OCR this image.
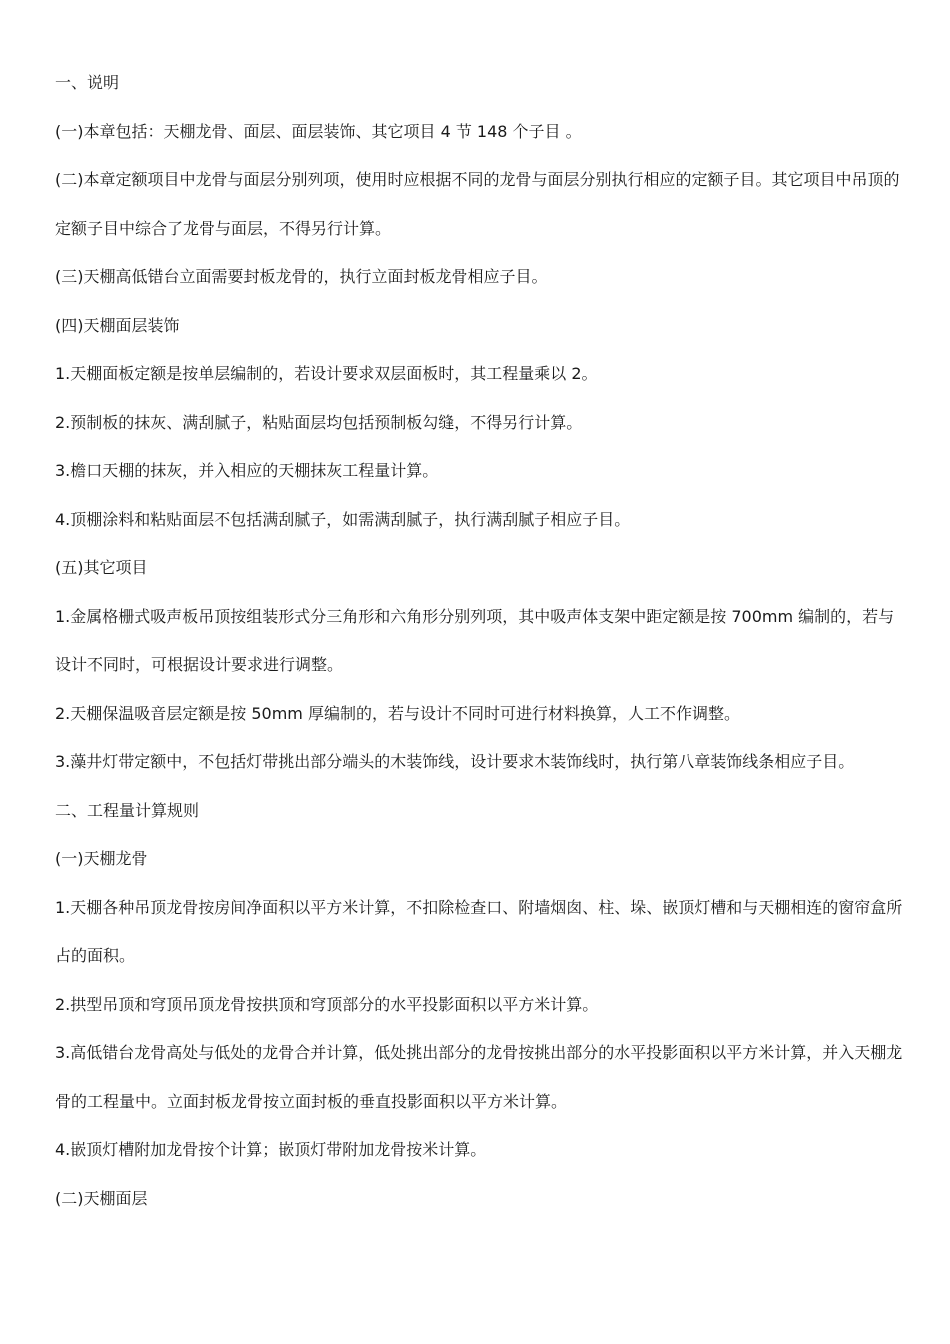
一、说明

(一)本章包括：天棚龙骨、面层、面层装饰、其它项目 4 节 148 个子目 。

(二)本章定额项目中龙骨与面层分别列项，使用时应根据不同的龙骨与面层分别执行相应的定额子目。其它项目中吊顶的定额子目中综合了龙骨与面层，不得另行计算。

(三)天棚高低错台立面需要封板龙骨的，执行立面封板龙骨相应子目。

(四)天棚面层装饰

1.天棚面板定额是按单层编制的，若设计要求双层面板时，其工程量乘以 2。

2.预制板的抹灰、满刮腻子，粘贴面层均包括预制板勾缝，不得另行计算。

3.檐口天棚的抹灰，并入相应的天棚抹灰工程量计算。

4.顶棚涂料和粘贴面层不包括满刮腻子，如需满刮腻子，执行满刮腻子相应子目。

(五)其它项目

1.金属格栅式吸声板吊顶按组装形式分三角形和六角形分别列项，其中吸声体支架中距定额是按 700mm 编制的，若与设计不同时，可根据设计要求进行调整。

2.天棚保温吸音层定额是按 50mm 厚编制的，若与设计不同时可进行材料换算，人工不作调整。

3.藻井灯带定额中，不包括灯带挑出部分端头的木装饰线，设计要求木装饰线时，执行第八章装饰线条相应子目。

二、工程量计算规则

(一)天棚龙骨

1.天棚各种吊顶龙骨按房间净面积以平方米计算，不扣除检查口、附墙烟囱、柱、垛、嵌顶灯槽和与天棚相连的窗帘盒所占的面积。

2.拱型吊顶和穹顶吊顶龙骨按拱顶和穹顶部分的水平投影面积以平方米计算。

3.高低错台龙骨高处与低处的龙骨合并计算，低处挑出部分的龙骨按挑出部分的水平投影面积以平方米计算，并入天棚龙骨的工程量中。立面封板龙骨按立面封板的垂直投影面积以平方米计算。

4.嵌顶灯槽附加龙骨按个计算；嵌顶灯带附加龙骨按米计算。

(二)天棚面层
